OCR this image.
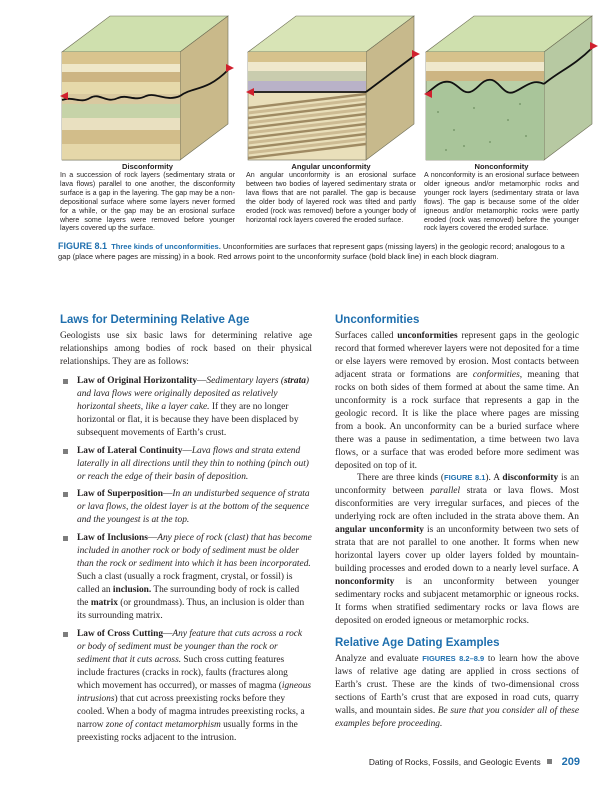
Disconformity
In a succession of rock layers (sedimentary strata or lava flows) parallel to one another, the disconformity surface is a gap in the layering. The gap may be a non-depositional surface where some layers never formed for a while, or the gap may be an erosional surface where some layers were removed before younger layers covered up the surface.
Angular unconformity
An angular unconformity is an erosional surface between two bodies of layered sedimentary strata or lava flows that are not parallel. The gap is because the older body of layered rock was tilted and partly eroded (rock was removed) before a younger body of horizontal rock layers covered the eroded surface.
Nonconformity
A nonconformity is an erosional surface between older igneous and/or metamorphic rocks and younger rock layers (sedimentary strata or lava flows). The gap is because some of the older igneous and/or metamorphic rocks were partly eroded (rock was removed) before the younger rock layers covered the eroded surface.
FIGURE 8.1 Three kinds of unconformities. Unconformities are surfaces that represent gaps (missing layers) in the geologic record; analogous to a gap (place where pages are missing) in a book. Red arrows point to the unconformity surface (bold black line) in each block diagram.
Laws for Determining Relative Age
Geologists use six basic laws for determining relative age relationships among bodies of rock based on their physical relationships. They are as follows:
Law of Original Horizontality—Sedimentary layers (strata) and lava flows were originally deposited as relatively horizontal sheets, like a layer cake. If they are no longer horizontal or flat, it is because they have been displaced by subsequent movements of Earth’s crust.
Law of Lateral Continuity—Lava flows and strata extend laterally in all directions until they thin to nothing (pinch out) or reach the edge of their basin of deposition.
Law of Superposition—In an undisturbed sequence of strata or lava flows, the oldest layer is at the bottom of the sequence and the youngest is at the top.
Law of Inclusions—Any piece of rock (clast) that has become included in another rock or body of sediment must be older than the rock or sediment into which it has been incorporated. Such a clast (usually a rock fragment, crystal, or fossil) is called an inclusion. The surrounding body of rock is called the matrix (or groundmass). Thus, an inclusion is older than its surrounding matrix.
Law of Cross Cutting—Any feature that cuts across a rock or body of sediment must be younger than the rock or sediment that it cuts across. Such cross cutting features include fractures (cracks in rock), faults (fractures along which movement has occurred), or masses of magma (igneous intrusions) that cut across preexisting rocks before they cooled. When a body of magma intrudes preexisting rocks, a narrow zone of contact metamorphism usually forms in the preexisting rocks adjacent to the intrusion.
Unconformities
Surfaces called unconformities represent gaps in the geologic record that formed wherever layers were not deposited for a time or else layers were removed by erosion. Most contacts between adjacent strata or formations are conformities, meaning that rocks on both sides of them formed at about the same time. An unconformity is a rock surface that represents a gap in the geologic record. It is like the place where pages are missing from a book. An unconformity can be a buried surface where there was a pause in sedimentation, a time between two lava flows, or a surface that was eroded before more sediment was deposited on top of it.
There are three kinds (FIGURE 8.1). A disconformity is an unconformity between parallel strata or lava flows. Most disconformities are very irregular surfaces, and pieces of the underlying rock are often included in the strata above them. An angular unconformity is an unconformity between two sets of strata that are not parallel to one another. It forms when new horizontal layers cover up older layers folded by mountain-building processes and eroded down to a nearly level surface. A nonconformity is an unconformity between younger sedimentary rocks and subjacent metamorphic or igneous rocks. It forms when stratified sedimentary rocks or lava flows are deposited on eroded igneous or metamorphic rocks.
Relative Age Dating Examples
Analyze and evaluate FIGURES 8.2–8.9 to learn how the above laws of relative age dating are applied in cross sections of Earth’s crust. These are the kinds of two-dimensional cross sections of Earth’s crust that are exposed in road cuts, quarry walls, and mountain sides. Be sure that you consider all of these examples before proceeding.
Dating of Rocks, Fossils, and Geologic Events 209
